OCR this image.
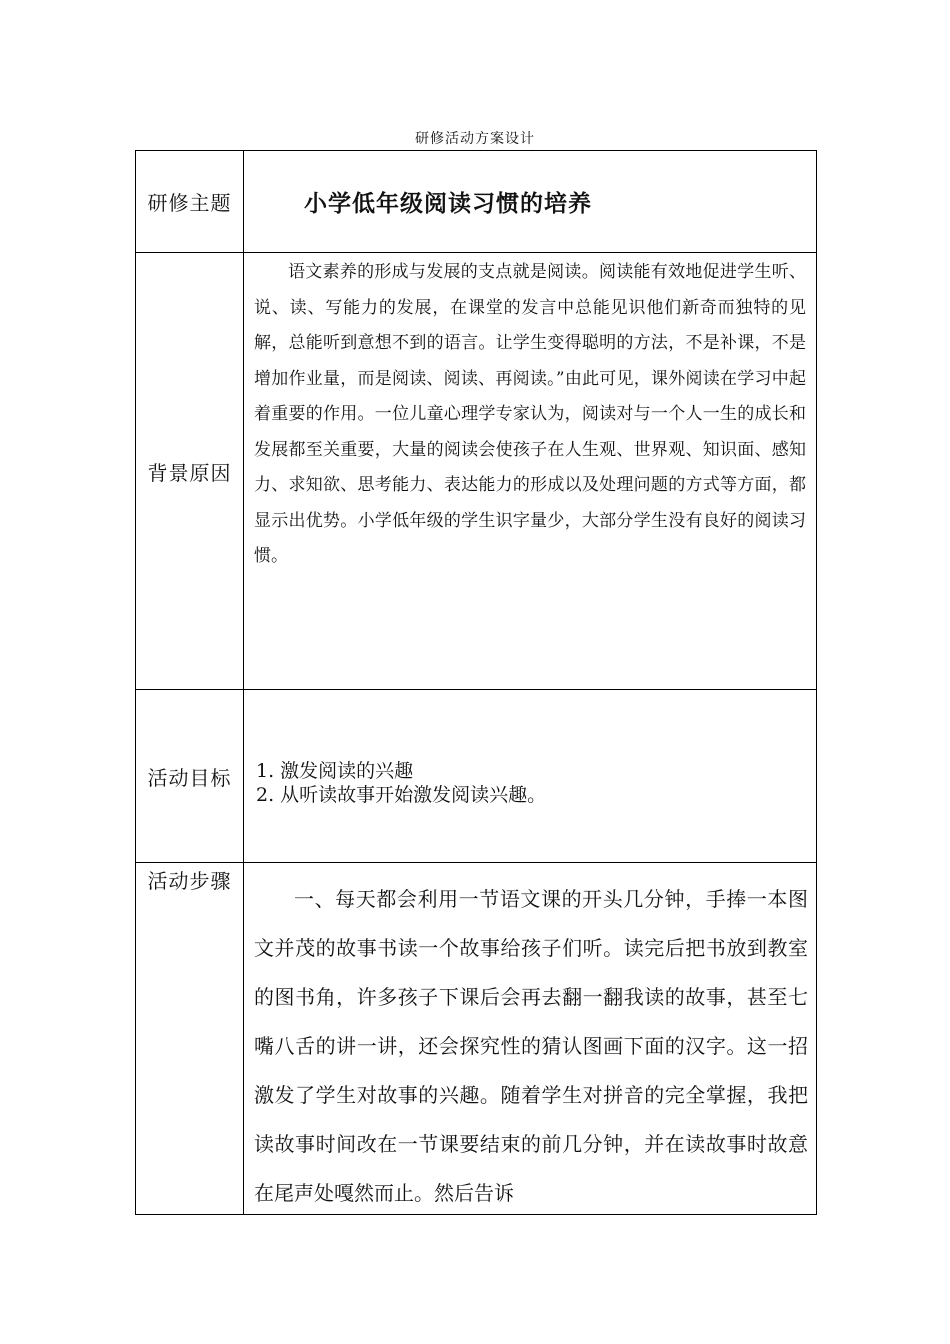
研修活动方案设计
研修主题	小学低年级阅读习惯的培养

背景原因	语文素养的形成与发展的支点就是阅读。阅读能有效地促进学生听、说、读、写能力的发展，在课堂的发言中总能见识他们新奇而独特的见解，总能听到意想不到的语言。让学生变得聪明的方法，不是补课，不是增加作业量，而是阅读、阅读、再阅读。”由此可见，课外阅读在学习中起着重要的作用。一位儿童心理学专家认为，阅读对与一个人一生的成长和发展都至关重要，大量的阅读会使孩子在人生观、世界观、知识面、感知力、求知欲、思考能力、表达能力的形成以及处理问题的方式等方面，都显示出优势。小学低年级的学生识字量少，大部分学生没有良好的阅读习惯。

活动目标	1. 激发阅读的兴趣
2. 从听读故事开始激发阅读兴趣。

活动步骤	一、每天都会利用一节语文课的开头几分钟，手捧一本图文并茂的故事书读一个故事给孩子们听。读完后把书放到教室的图书角，许多孩子下课后会再去翻一翻我读的故事，甚至七嘴八舌的讲一讲，还会探究性的猜认图画下面的汉字。这一招激发了学生对故事的兴趣。随着学生对拼音的完全掌握，我把读故事时间改在一节课要结束的前几分钟，并在读故事时故意在尾声处嘎然而止。然后告诉
